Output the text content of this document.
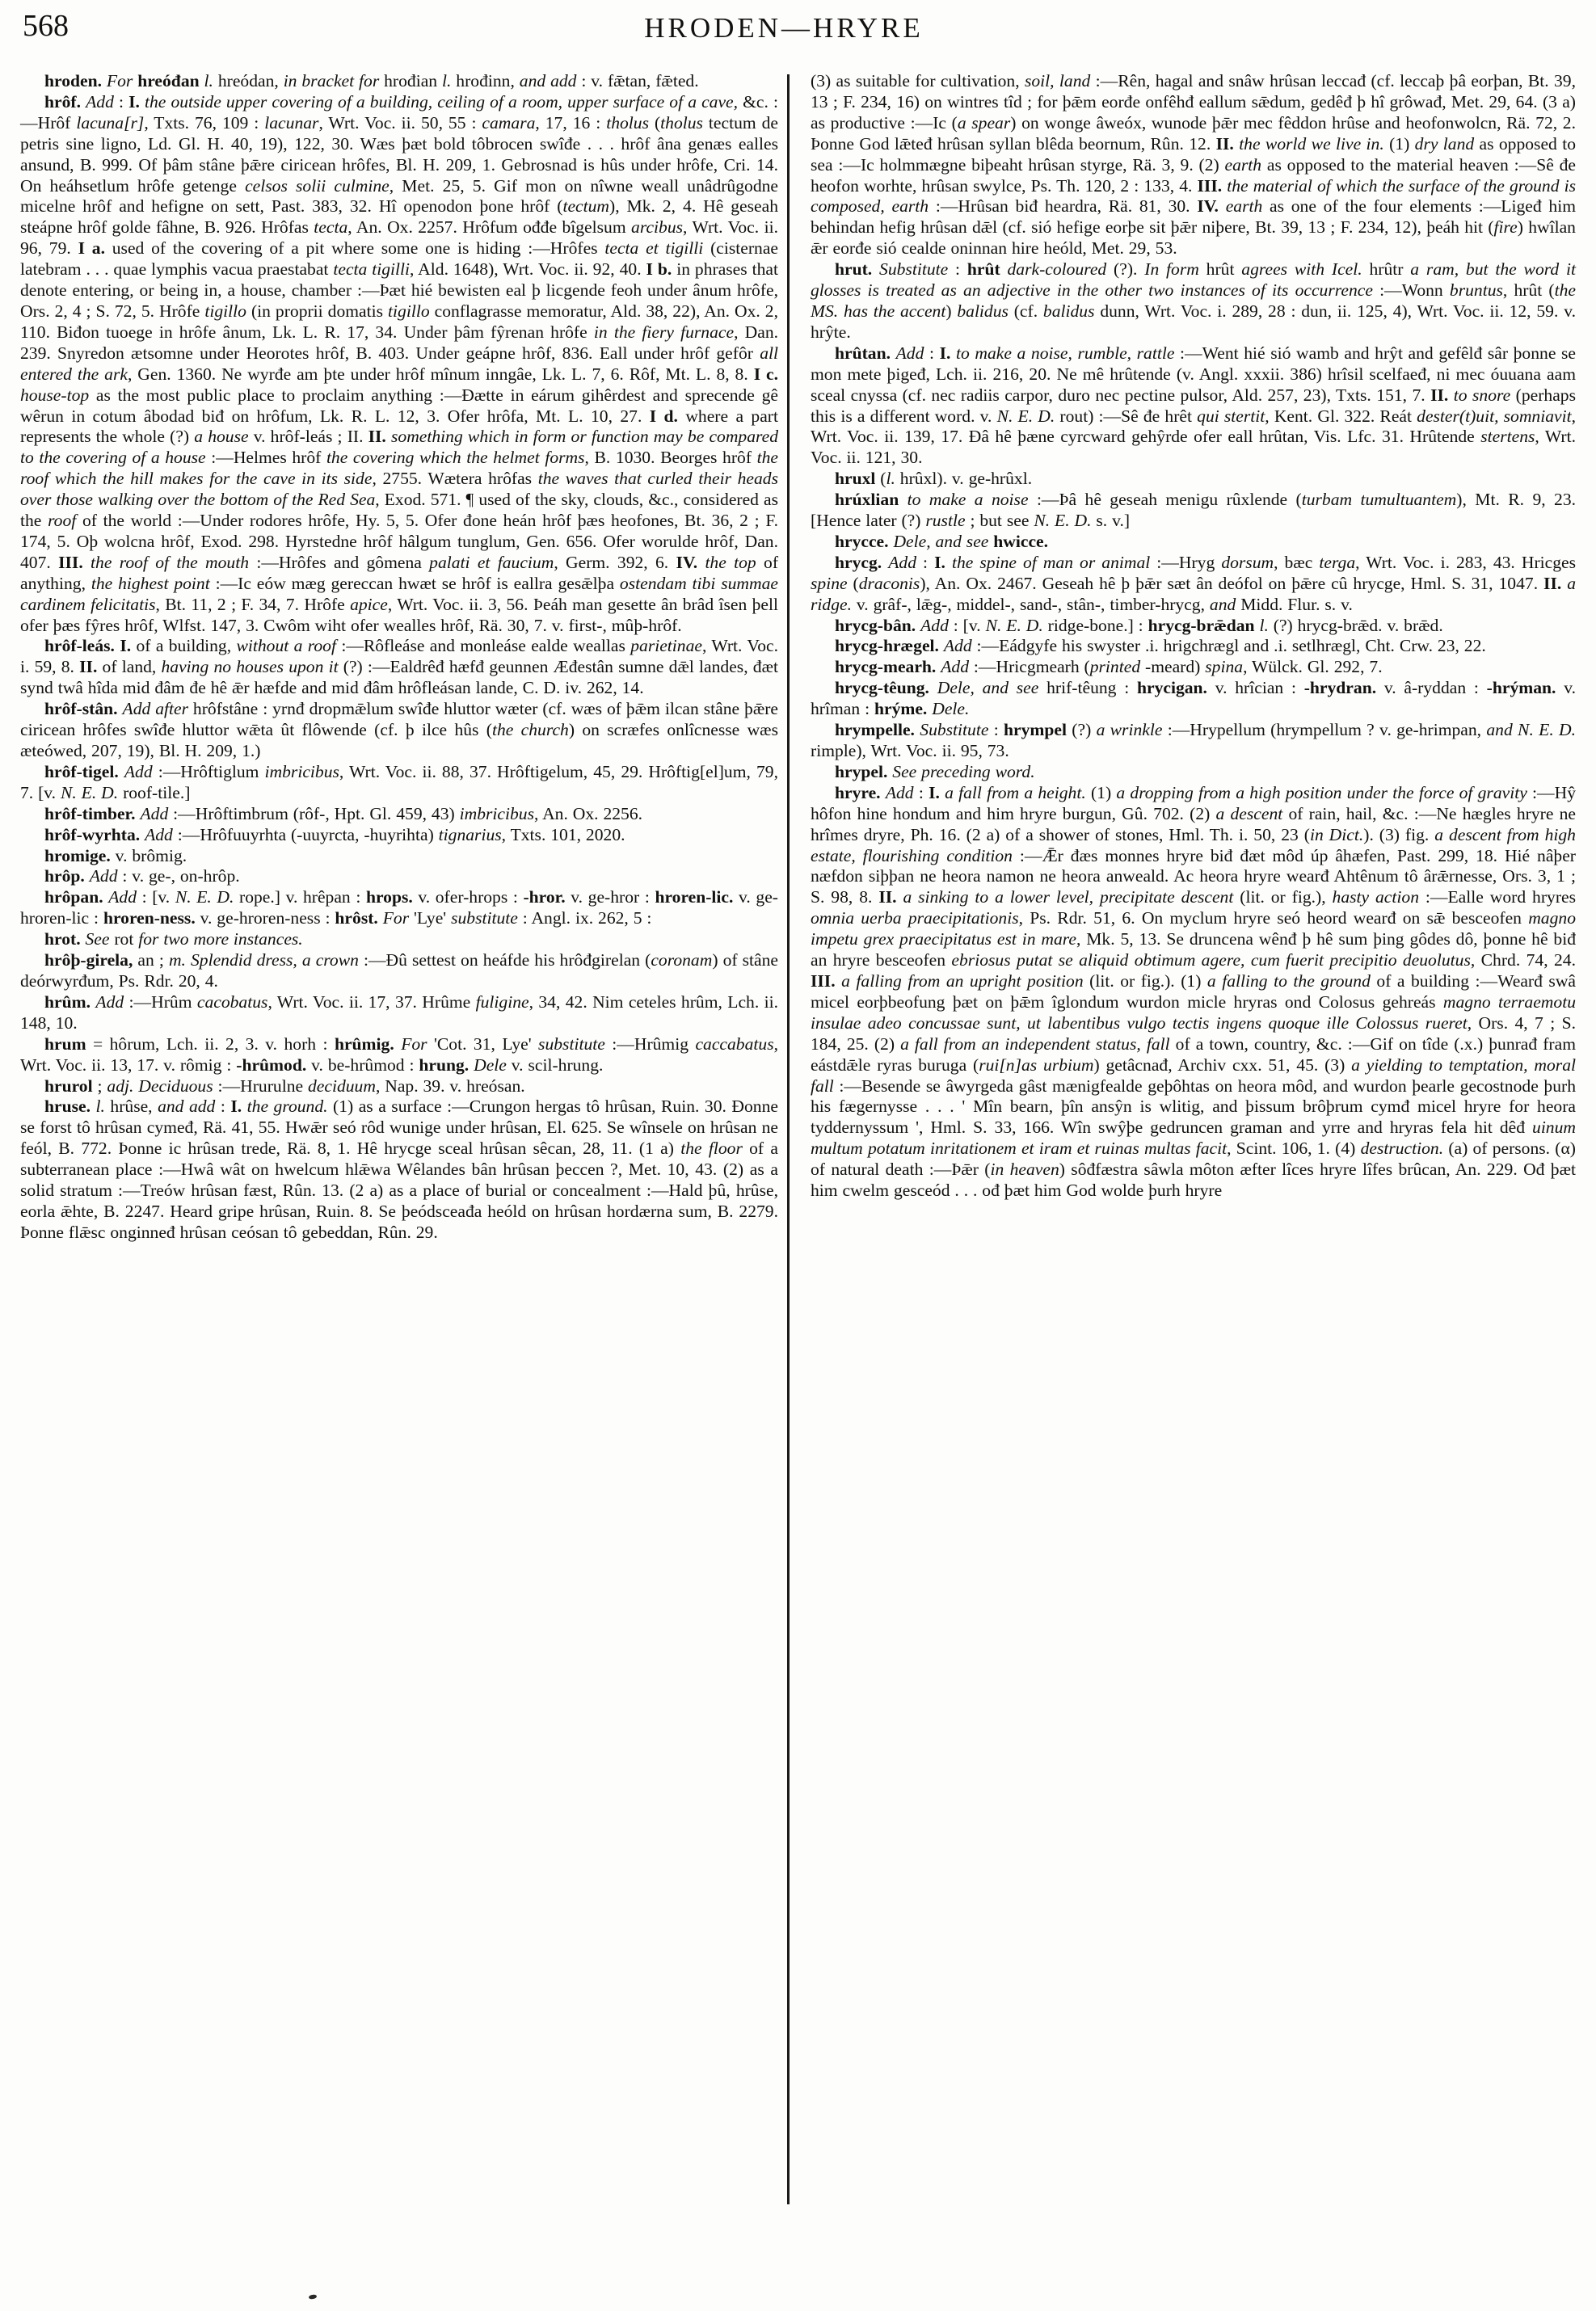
568	HRODEN—HRYRE

hroden. For hreóđan l. hreódan, in bracket for hrođian l. hrođinn, and add : v. fǣtan, fǣted.

hrôf. Add : I. the outside upper covering of a building, ceiling of a room, upper surface of a cave, &c. :—Hrôf lacuna[r], Txts. 76, 109 : lacunar, Wrt. Voc. ii. 50, 55 : camara, 17, 16 : tholus (tholus tectum de petris sine ligno, Ld. Gl. H. 40, 19), 122, 30. Wæs þæt bold tôbrocen swîđe . . . hrôf âna genæs ealles ansund, B. 999. Of þâm stâne þǣre ciricean hrôfes, Bl. H. 209, 1. Gebrosnad is hûs under hrôfe, Cri. 14. On heáhsetlum hrôfe getenge celsos solii culmine, Met. 25, 5. Gif mon on nîwne weall unâdrûgodne micelne hrôf and hefigne on sett, Past. 383, 32. Hî openodon þone hrôf (tectum), Mk. 2, 4. Hê geseah steápne hrôf golde fâhne, B. 926. Hrôfas tecta, An. Ox. 2257. Hrôfum ođđe bîgelsum arcibus, Wrt. Voc. ii. 96, 79. I a. used of the covering of a pit where some one is hiding :—Hrôfes tecta et tigilli (cisternae latebram . . . quae lymphis vacua praestabat tecta tigilli, Ald. 1648), Wrt. Voc. ii. 92, 40. I b. in phrases that denote entering, or being in, a house, chamber :—Þæt hié bewisten eal þ licgende feoh under ânum hrôfe, Ors. 2, 4 ; S. 72, 5. Hrôfe tigillo (in proprii domatis tigillo conflagrasse memoratur, Ald. 38, 22), An. Ox. 2, 110. Biđon tuoege in hrôfe ânum, Lk. L. R. 17, 34. Under þâm fŷrenan hrôfe in the fiery furnace, Dan. 239. Snyredon ætsomne under Heorotes hrôf, B. 403. Under geápne hrôf, 836. Eall under hrôf gefôr all entered the ark, Gen. 1360. Ne wyrđe am þte under hrôf mînum inngâe, Lk. L. 7, 6. Rôf, Mt. L. 8, 8. I c. house-top as the most public place to proclaim anything :—Đætte in eárum gihêrdest and sprecende gê wêrun in cotum âbodad biđ on hrôfum, Lk. R. L. 12, 3. Ofer hrôfa, Mt. L. 10, 27. I d. where a part represents the whole (?) a house v. hrôf-leás ; II. II. something which in form or function may be compared to the covering of a house :—Helmes hrôf the covering which the helmet forms, B. 1030. Beorges hrôf the roof which the hill makes for the cave in its side, 2755. Wætera hrôfas the waves that curled their heads over those walking over the bottom of the Red Sea, Exod. 571. ¶ used of the sky, clouds, &c., considered as the roof of the world :—Under rodores hrôfe, Hy. 5, 5. Ofer đone heán hrôf þæs heofones, Bt. 36, 2 ; F. 174, 5. Oþ wolcna hrôf, Exod. 298. Hyrstedne hrôf hâlgum tunglum, Gen. 656. Ofer worulde hrôf, Dan. 407. III. the roof of the mouth :—Hrôfes and gômena palati et faucium, Germ. 392, 6. IV. the top of anything, the highest point :—Ic eów mæg gereccan hwæt se hrôf is eallra gesǣlþa ostendam tibi summae cardinem felicitatis, Bt. 11, 2 ; F. 34, 7. Hrôfe apice, Wrt. Voc. ii. 3, 56. Þeáh man gesette ân brâd îsen þell ofer þæs fŷres hrôf, Wlfst. 147, 3. Cwôm wiht ofer wealles hrôf, Rä. 30, 7. v. first-, mûþ-hrôf.

hrôf-leás. I. of a building, without a roof :—Rôfleáse and monleáse ealde weallas parietinae, Wrt. Voc. i. 59, 8. II. of land, having no houses upon it (?) :—Ealdrêđ hæfđ geunnen Æđestân sumne dǣl landes, đæt synd twâ hîda mid đâm đe hê ǣr hæfde and mid đâm hrôfleásan lande, C. D. iv. 262, 14.

hrôf-stân. Add after hrôfstâne : yrnđ dropmǣlum swîđe hluttor wæter (cf. wæs of þǣm ilcan stâne þǣre ciricean hrôfes swîđe hluttor wǣta ût flôwende (cf. þ ilce hûs (the church) on scræfes onlîcnesse wæs æteówed, 207, 19), Bl. H. 209, 1.)

hrôf-tigel. Add :—Hrôftiglum imbricibus, Wrt. Voc. ii. 88, 37. Hrôftigelum, 45, 29. Hrôftig[el]um, 79, 7. [v. N. E. D. roof-tile.]

hrôf-timber. Add :—Hrôftimbrum (rôf-, Hpt. Gl. 459, 43) imbricibus, An. Ox. 2256.

hrôf-wyrhta. Add :—Hrôfuuyrhta (-uuyrcta, -huyrihta) tignarius, Txts. 101, 2020.

hromige. v. brômig.

hrôp. Add : v. ge-, on-hrôp.

hrôpan. Add : [v. N. E. D. rope.] v. hrêpan : hrops. v. ofer-hrops : -hror. v. ge-hror : hroren-lic. v. ge-hroren-lic : hroren-ness. v. ge-hroren-ness : hrôst. For 'Lye' substitute : Angl. ix. 262, 5 :

hrot. See rot for two more instances.

hrôþ-girela, an ; m. Splendid dress, a crown :—Đû settest on heáfde his hrôđgirelan (coronam) of stâne deórwyrđum, Ps. Rdr. 20, 4.

hrûm. Add :—Hrûm cacobatus, Wrt. Voc. ii. 17, 37. Hrûme fuligine, 34, 42. Nim ceteles hrûm, Lch. ii. 148, 10.

hrum = hôrum, Lch. ii. 2, 3. v. horh : hrûmig. For 'Cot. 31, Lye' substitute :—Hrûmig caccabatus, Wrt. Voc. ii. 13, 17. v. rômig : -hrûmod. v. be-hrûmod : hrung. Dele v. scil-hrung.

hrurol ; adj. Deciduous :—Hrurulne deciduum, Nap. 39. v. hreósan.

hruse. l. hrûse, and add : I. the ground. (1) as a surface :—Crungon hergas tô hrûsan, Ruin. 30. Đonne se forst tô hrûsan cymeđ, Rä. 41, 55. Hwǣr seó rôd wunige under hrûsan, El. 625. Se wînsele on hrûsan ne feól, B. 772. Þonne ic hrûsan trede, Rä. 8, 1. Hê hrycge sceal hrûsan sêcan, 28, 11. (1 a) the floor of a subterranean place :—Hwâ wât on hwelcum hlǣwa Wêlandes bân hrûsan þeccen ?, Met. 10, 43. (2) as a solid stratum :—Treów hrûsan fæst, Rûn. 13. (2 a) as a place of burial or concealment :—Hald þû, hrûse, eorla ǣhte, B. 2247. Heard gripe hrûsan, Ruin. 8. Se þeódsceađa heóld on hrûsan hordærna sum, B. 2279. Þonne flǣsc onginneđ hrûsan ceósan tô gebeddan, Rûn. 29.

(3) as suitable for cultivation, soil, land :—Rên, hagal and snâw hrûsan leccađ (cf. leccaþ þâ eorþan, Bt. 39, 13 ; F. 234, 16) on wintres tîd ; for þǣm eorđe onfêhđ eallum sǣdum, gedêđ þ hî grôwađ, Met. 29, 64. (3 a) as productive :—Ic (a spear) on wonge âweóx, wunode þǣr mec fêddon hrûse and heofonwolcn, Rä. 72, 2. Þonne God lǣteđ hrûsan syllan blêda beornum, Rûn. 12. II. the world we live in. (1) dry land as opposed to sea :—Ic holmmægne biþeaht hrûsan styrge, Rä. 3, 9. (2) earth as opposed to the material heaven :—Sê đe heofon worhte, hrûsan swylce, Ps. Th. 120, 2 : 133, 4. III. the material of which the surface of the ground is composed, earth :—Hrûsan biđ heardra, Rä. 81, 30. IV. earth as one of the four elements :—Ligeđ him behindan hefig hrûsan dǣl (cf. sió hefige eorþe sit þǣr niþere, Bt. 39, 13 ; F. 234, 12), þeáh hit (fire) hwîlan ǣr eorđe sió cealde oninnan hire heóld, Met. 29, 53.

hrut. Substitute : hrût dark-coloured (?). In form hrût agrees with Icel. hrûtr a ram, but the word it glosses is treated as an adjective in the other two instances of its occurrence :—Wonn bruntus, hrût (the MS. has the accent) balidus (cf. balidus dunn, Wrt. Voc. i. 289, 28 : dun, ii. 125, 4), Wrt. Voc. ii. 12, 59. v. hrŷte.

hrûtan. Add : I. to make a noise, rumble, rattle :—Went hié sió wamb and hrŷt and gefêlđ sâr þonne se mon mete þigeđ, Lch. ii. 216, 20. Ne mê hrûtende (v. Angl. xxxii. 386) hrîsil scelfaeđ, ni mec óuuana aam sceal cnyssa (cf. nec radiis carpor, duro nec pectine pulsor, Ald. 257, 23), Txts. 151, 7. II. to snore (perhaps this is a different word. v. N. E. D. rout) :—Sê đe hrêt qui stertit, Kent. Gl. 322. Reát dester(t)uit, somniavit, Wrt. Voc. ii. 139, 17. Đâ hê þæne cyrcward gehŷrde ofer eall hrûtan, Vis. Lfc. 31. Hrûtende stertens, Wrt. Voc. ii. 121, 30.

hruxl (l. hrûxl). v. ge-hrûxl.

hrúxlian to make a noise :—Þâ hê geseah menigu rûxlende (turbam tumultuantem), Mt. R. 9, 23. [Hence later (?) rustle ; but see N. E. D. s. v.]

hrycce. Dele, and see hwicce.

hrycg. Add : I. the spine of man or animal :—Hryg dorsum, bæc terga, Wrt. Voc. i. 283, 43. Hricges spine (draconis), An. Ox. 2467. Geseah hê þ þǣr sæt ân deófol on þǣre cû hrycge, Hml. S. 31, 1047. II. a ridge. v. grâf-, lǣg-, middel-, sand-, stân-, timber-hrycg, and Midd. Flur. s. v.

hrycg-bân. Add : [v. N. E. D. ridge-bone.] : hrycg-brǣdan l. (?) hrycg-brǣd. v. brǣd.

hrycg-hrægel. Add :—Eádgyfe his swyster .i. hrigchrægl and .i. setlhrægl, Cht. Crw. 23, 22.

hrycg-mearh. Add :—Hricgmearh (printed -meard) spina, Wülck. Gl. 292, 7.

hrycg-têung. Dele, and see hrif-têung : hrycigan. v. hrîcian : -hrydran. v. â-ryddan : -hrýman. v. hrîman : hrýme. Dele.

hrympelle. Substitute : hrympel (?) a wrinkle :—Hrypellum (hrympellum ? v. ge-hrimpan, and N. E. D. rimple), Wrt. Voc. ii. 95, 73.

hrypel. See preceding word.

hryre. Add : I. a fall from a height. (1) a dropping from a high position under the force of gravity :—Hŷ hôfon hine hondum and him hryre burgun, Gû. 702. (2) a descent of rain, hail, &c. :—Ne hægles hryre ne hrîmes dryre, Ph. 16. (2 a) of a shower of stones, Hml. Th. i. 50, 23 (in Dict.). (3) fig. a descent from high estate, flourishing condition :—Ǣr đæs monnes hryre biđ đæt môd úp âhæfen, Past. 299, 18. Hié nâþer næfdon siþþan ne heora namon ne heora anweald. Ac heora hryre wearđ Ahtênum tô ârǣrnesse, Ors. 3, 1 ; S. 98, 8. II. a sinking to a lower level, precipitate descent (lit. or fig.), hasty action :—Ealle word hryres omnia uerba praecipitationis, Ps. Rdr. 51, 6. On myclum hryre seó heord wearđ on sǣ besceofen magno impetu grex praecipitatus est in mare, Mk. 5, 13. Se druncena wênđ þ hê sum þing gôdes dô, þonne hê biđ an hryre besceofen ebriosus putat se aliquid obtimum agere, cum fuerit precipitio deuolutus, Chrd. 74, 24. III. a falling from an upright position (lit. or fig.). (1) a falling to the ground of a building :—Wearđ swâ micel eorþbeofung þæt on þǣm îglondum wurdon micle hryras ond Colosus gehreás magno terraemotu insulae adeo concussae sunt, ut labentibus vulgo tectis ingens quoque ille Colossus rueret, Ors. 4, 7 ; S. 184, 25. (2) a fall from an independent status, fall of a town, country, &c. :—Gif on tîde (.x.) þunrađ fram eástdǣle ryras buruga (rui[n]as urbium) getâcnađ, Archiv cxx. 51, 45. (3) a yielding to temptation, moral fall :—Besende se âwyrgeda gâst mænigfealde geþôhtas on heora môd, and wurdon þearle gecostnode þurh his fægernysse . . . ' Mîn bearn, þîn ansŷn is wlitig, and þissum brôþrum cymđ micel hryre for heora tyddernyssum ', Hml. S. 33, 166. Wîn swŷþe gedruncen graman and yrre and hryras fela hit dêđ uinum multum potatum inritationem et iram et ruinas multas facit, Scint. 106, 1. (4) destruction. (a) of persons. (α) of natural death :—Þǣr (in heaven) sôđfæstra sâwla môton æfter lîces hryre lîfes brûcan, An. 229. Ođ þæt him cwelm gesceód . . . ođ þæt him God wolde þurh hryre
